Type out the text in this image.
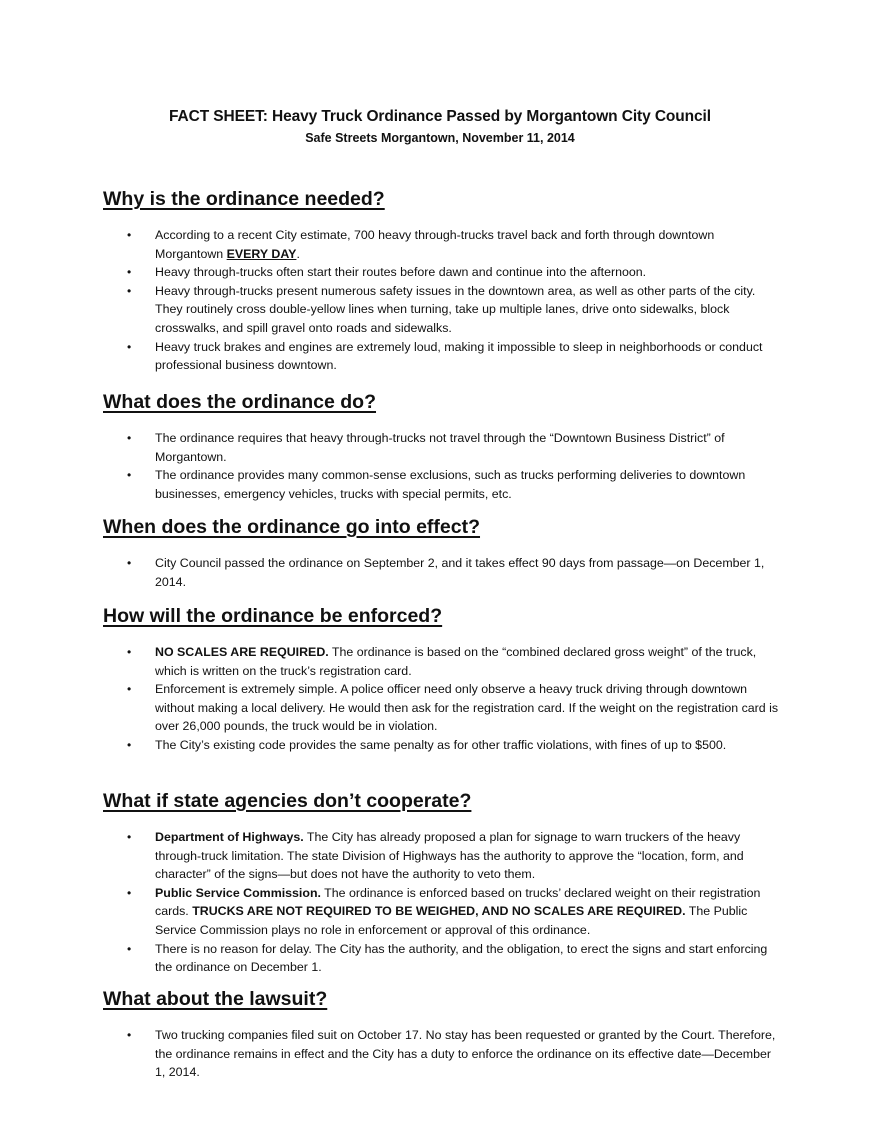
FACT SHEET: Heavy Truck Ordinance Passed by Morgantown City Council
Safe Streets Morgantown, November 11, 2014
Why is the ordinance needed?
• According to a recent City estimate, 700 heavy through-trucks travel back and forth through downtown Morgantown EVERY DAY.
• Heavy through-trucks often start their routes before dawn and continue into the afternoon.
• Heavy through-trucks present numerous safety issues in the downtown area, as well as other parts of the city. They routinely cross double-yellow lines when turning, take up multiple lanes, drive onto sidewalks, block crosswalks, and spill gravel onto roads and sidewalks.
• Heavy truck brakes and engines are extremely loud, making it impossible to sleep in neighborhoods or conduct professional business downtown.
What does the ordinance do?
• The ordinance requires that heavy through-trucks not travel through the “Downtown Business District” of Morgantown.
• The ordinance provides many common-sense exclusions, such as trucks performing deliveries to downtown businesses, emergency vehicles, trucks with special permits, etc.
When does the ordinance go into effect?
• City Council passed the ordinance on September 2, and it takes effect 90 days from passage—on December 1, 2014.
How will the ordinance be enforced?
• NO SCALES ARE REQUIRED. The ordinance is based on the “combined declared gross weight” of the truck, which is written on the truck’s registration card.
• Enforcement is extremely simple. A police officer need only observe a heavy truck driving through downtown without making a local delivery. He would then ask for the registration card. If the weight on the registration card is over 26,000 pounds, the truck would be in violation.
• The City’s existing code provides the same penalty as for other traffic violations, with fines of up to $500.
What if state agencies don’t cooperate?
• Department of Highways. The City has already proposed a plan for signage to warn truckers of the heavy through-truck limitation. The state Division of Highways has the authority to approve the “location, form, and character” of the signs—but does not have the authority to veto them.
• Public Service Commission. The ordinance is enforced based on trucks’ declared weight on their registration cards. TRUCKS ARE NOT REQUIRED TO BE WEIGHED, AND NO SCALES ARE REQUIRED. The Public Service Commission plays no role in enforcement or approval of this ordinance.
• There is no reason for delay. The City has the authority, and the obligation, to erect the signs and start enforcing the ordinance on December 1.
What about the lawsuit?
• Two trucking companies filed suit on October 17. No stay has been requested or granted by the Court. Therefore, the ordinance remains in effect and the City has a duty to enforce the ordinance on its effective date—December 1, 2014.
